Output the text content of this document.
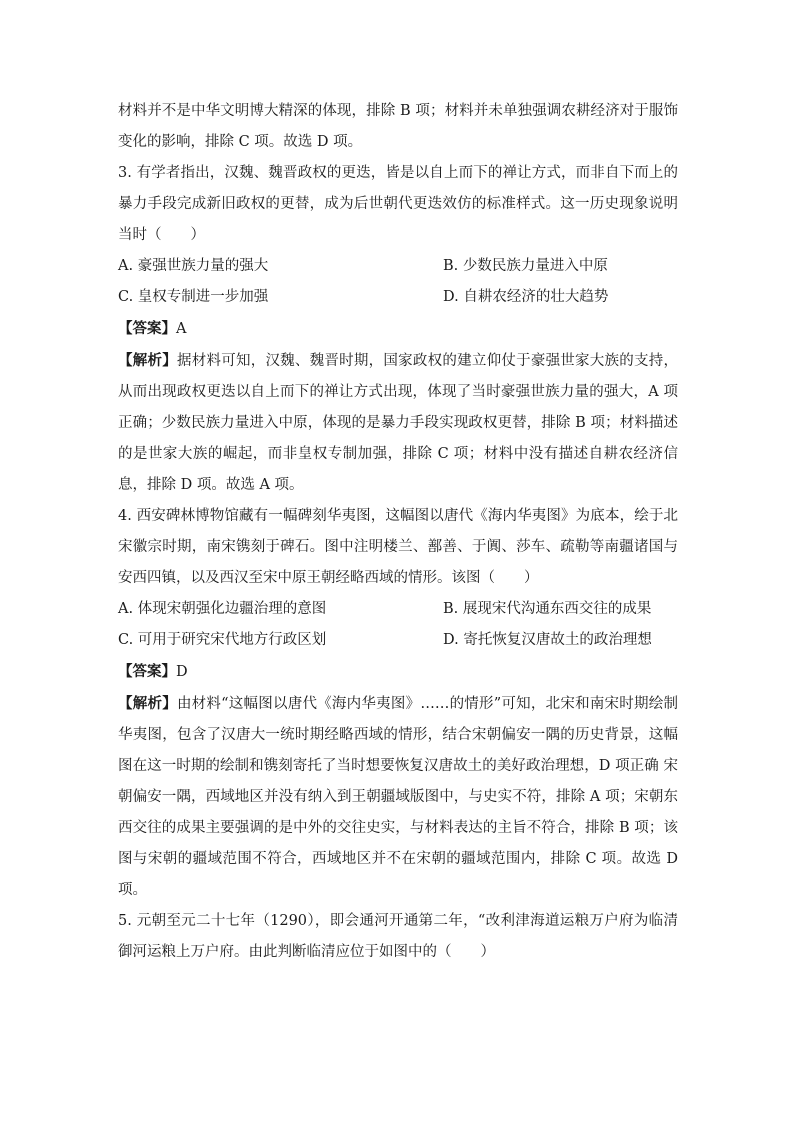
材料并不是中华文明博大精深的体现，排除 B 项；材料并未单独强调农耕经济对于服饰变化的影响，排除 C 项。故选 D 项。

3. 有学者指出，汉魏、魏晋政权的更迭，皆是以自上而下的禅让方式，而非自下而上的暴力手段完成新旧政权的更替，成为后世朝代更迭效仿的标准样式。这一历史现象说明当时（　　）

A. 豪强世族力量的强大	B. 少数民族力量进入中原
C. 皇权专制进一步加强	D. 自耕农经济的壮大趋势

【答案】A

【解析】据材料可知，汉魏、魏晋时期，国家政权的建立仰仗于豪强世家大族的支持，从而出现政权更迭以自上而下的禅让方式出现，体现了当时豪强世族力量的强大，A 项正确；少数民族力量进入中原，体现的是暴力手段实现政权更替，排除 B 项；材料描述的是世家大族的崛起，而非皇权专制加强，排除 C 项；材料中没有描述自耕农经济信息，排除 D 项。故选 A 项。

4. 西安碑林博物馆藏有一幅碑刻华夷图，这幅图以唐代《海内华夷图》为底本，绘于北宋徽宗时期，南宋镌刻于碑石。图中注明楼兰、鄯善、于阗、莎车、疏勒等南疆诸国与安西四镇，以及西汉至宋中原王朝经略西域的情形。该图（　　）

A. 体现宋朝强化边疆治理的意图	B. 展现宋代沟通东西交往的成果
C. 可用于研究宋代地方行政区划	D. 寄托恢复汉唐故土的政治理想

【答案】D

【解析】由材料“这幅图以唐代《海内华夷图》……的情形”可知，北宋和南宋时期绘制华夷图，包含了汉唐大一统时期经略西域的情形，结合宋朝偏安一隅的历史背景，这幅图在这一时期的绘制和镌刻寄托了当时想要恢复汉唐故土的美好政治理想，D 项正确 宋朝偏安一隅，西域地区并没有纳入到王朝疆域版图中，与史实不符，排除 A 项；宋朝东西交往的成果主要强调的是中外的交往史实，与材料表达的主旨不符合，排除 B 项；该图与宋朝的疆域范围不符合，西域地区并不在宋朝的疆域范围内，排除 C 项。故选 D 项。

5. 元朝至元二十七年（1290），即会通河开通第二年，“改利津海道运粮万户府为临清御河运粮上万户府。由此判断临清应位于如图中的（　　）
